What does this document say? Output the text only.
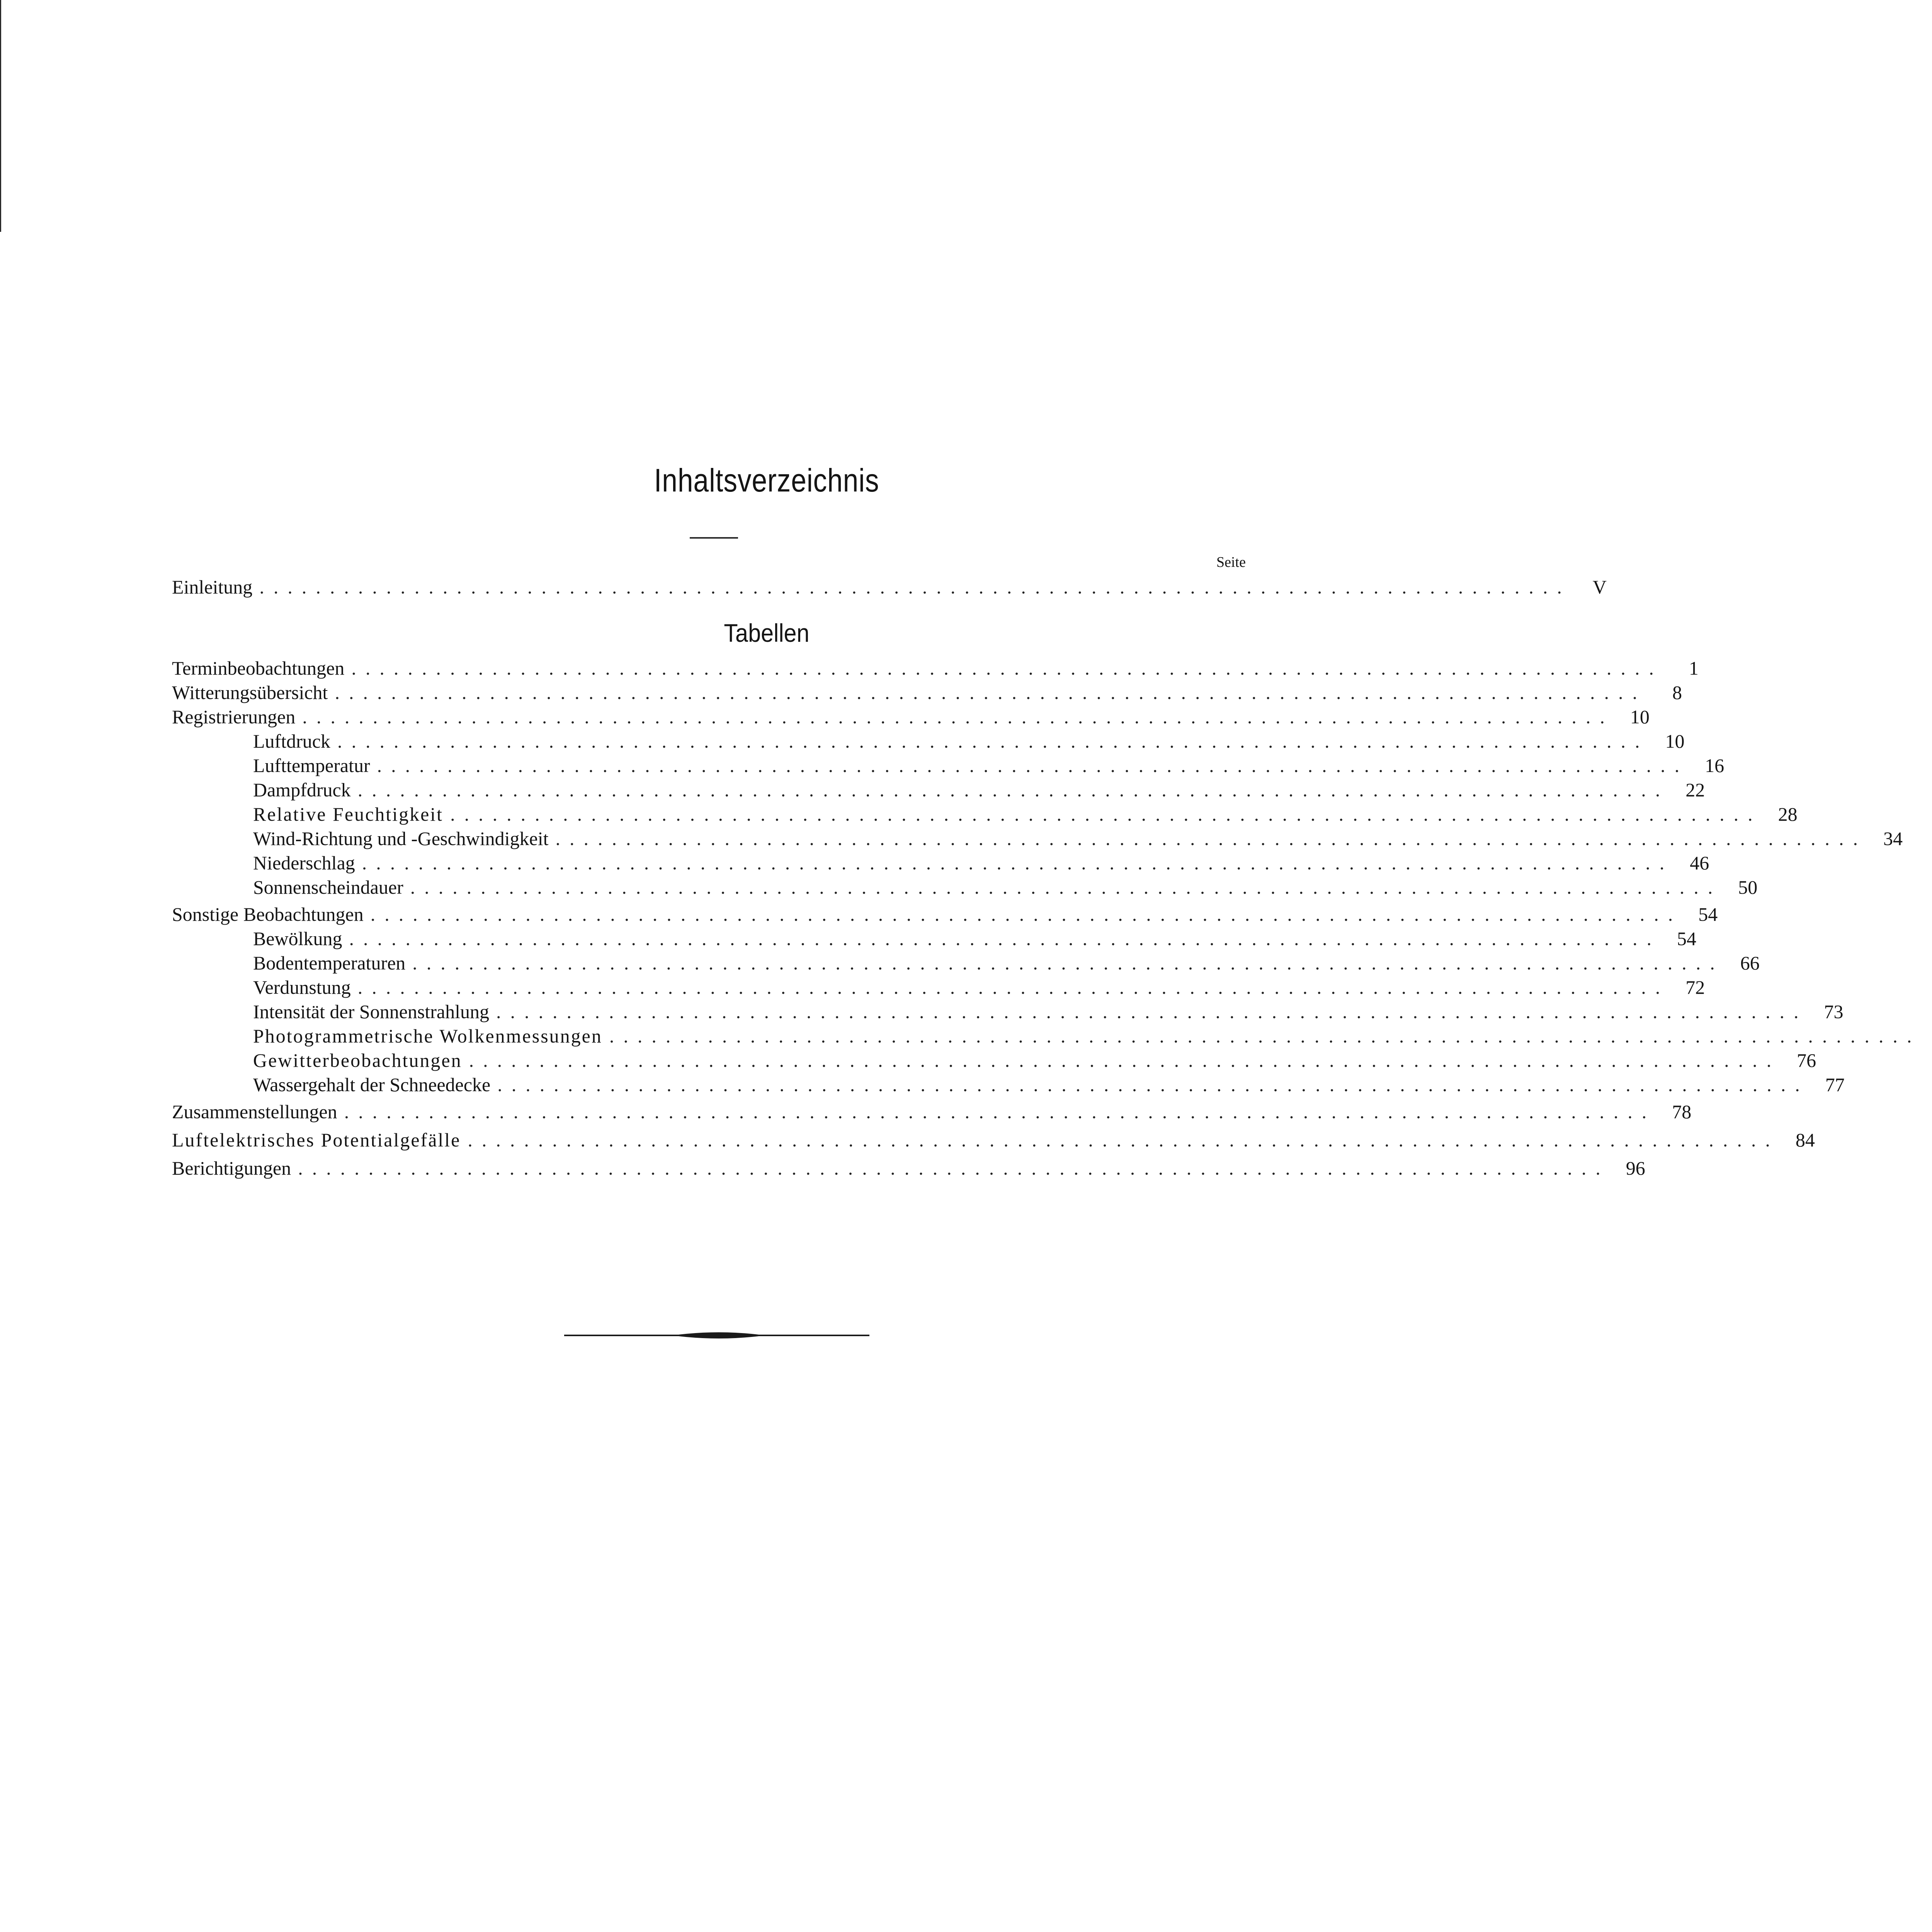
Inhaltsverzeichnis
Seite
Einleitung .............................................................................................	V
Tabellen
Terminbeobachtungen .............................................................................................	1
Witterungsübersicht .............................................................................................	8
Registrierungen ............................................................................................. 10
Luftdruck ............................................................................................. 10
Lufttemperatur ............................................................................................. 16
Dampfdruck ............................................................................................. 22
Relative Feuchtigkeit ............................................................................................. 28
Wind-Richtung und -Geschwindigkeit ............................................................................................. 34
Niederschlag ............................................................................................. 46
Sonnenscheindauer ............................................................................................. 50
Sonstige Beobachtungen ............................................................................................. 54
Bewölkung ............................................................................................. 54
Bodentemperaturen ............................................................................................. 66
Verdunstung ............................................................................................. 72
Intensität der Sonnenstrahlung ............................................................................................. 73
Photogrammetrische Wolkenmessungen .............................................................................................
Gewitterbeobachtungen ............................................................................................. 76
Wassergehalt der Schneedecke ............................................................................................. 77
Zusammenstellungen ............................................................................................. 78
Luftelektrisches Potentialgefälle ............................................................................................. 84
Berichtigungen ............................................................................................. 96
